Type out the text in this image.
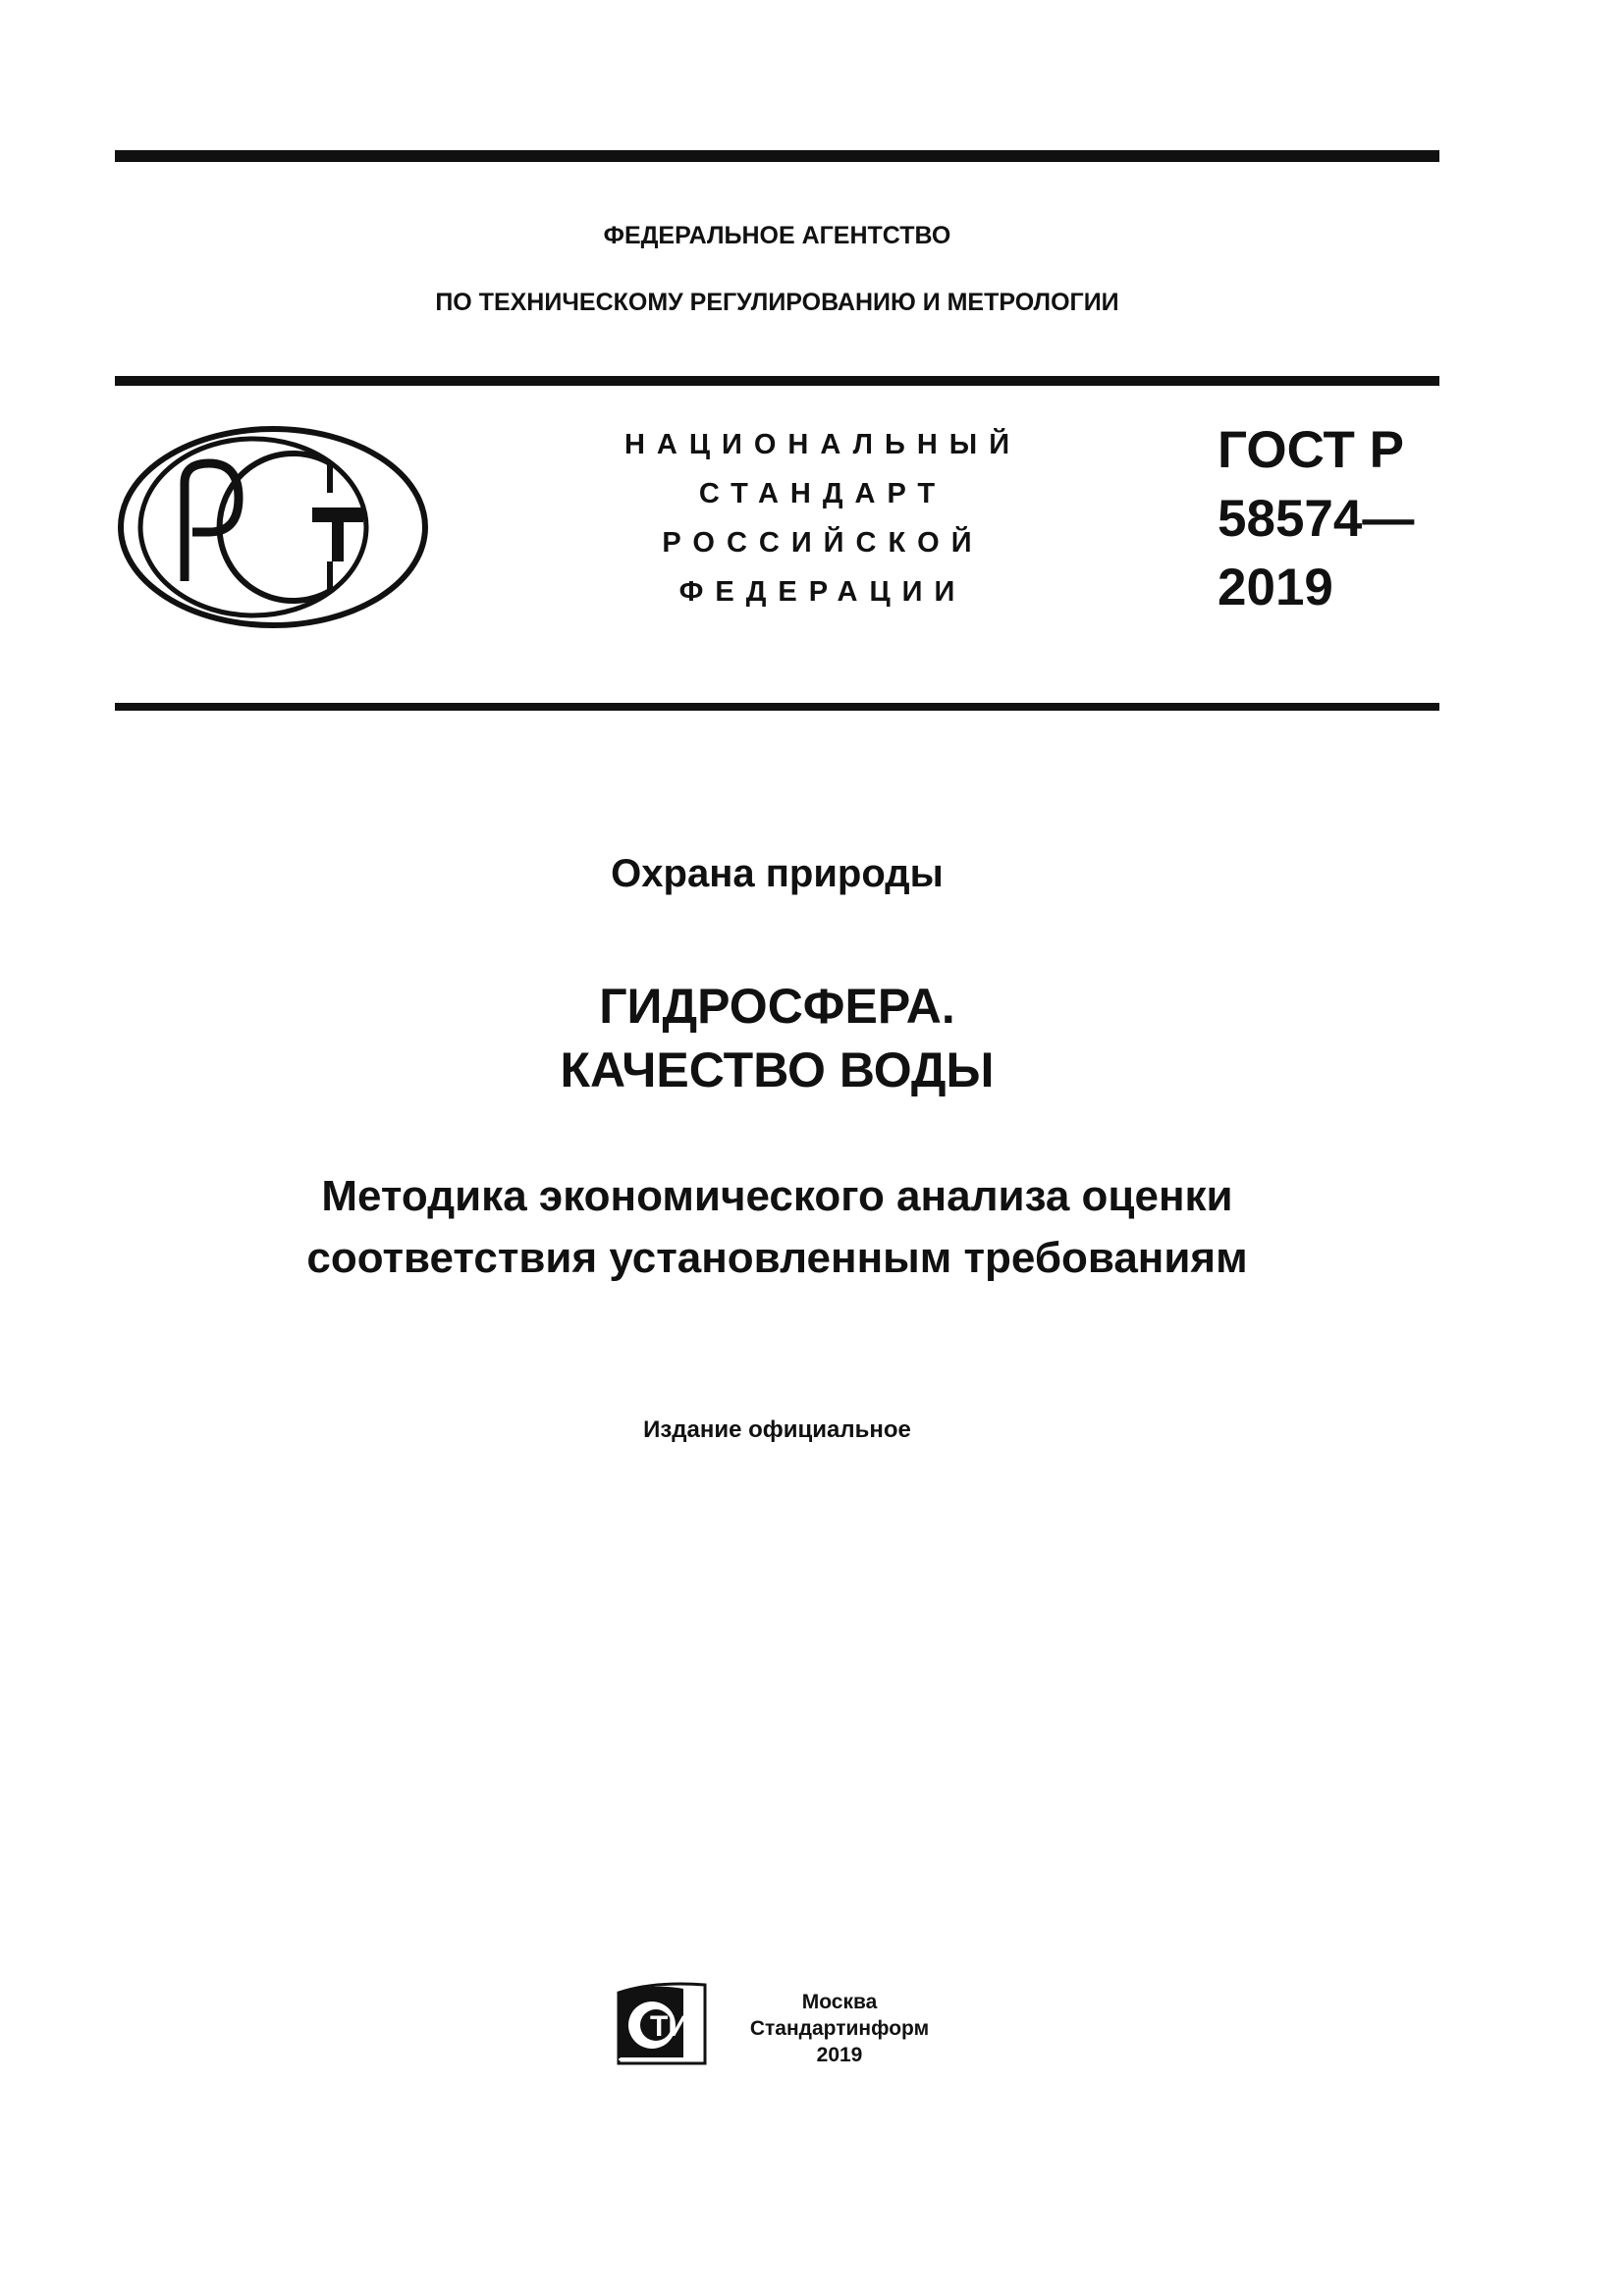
ФЕДЕРАЛЬНОЕ АГЕНТСТВО
ПО ТЕХНИЧЕСКОМУ РЕГУЛИРОВАНИЮ И МЕТРОЛОГИИ
НАЦИОНАЛЬНЫЙ
СТАНДАРТ
РОССИЙСКОЙ
ФЕДЕРАЦИИ
ГОСТ Р
58574—
2019
Охрана природы
ГИДРОСФЕРА.
КАЧЕСТВО ВОДЫ
Методика экономического анализа оценки
соответствия установленным требованиям
Издание официальное
ТИ
Москва
Стандартинформ
2019
